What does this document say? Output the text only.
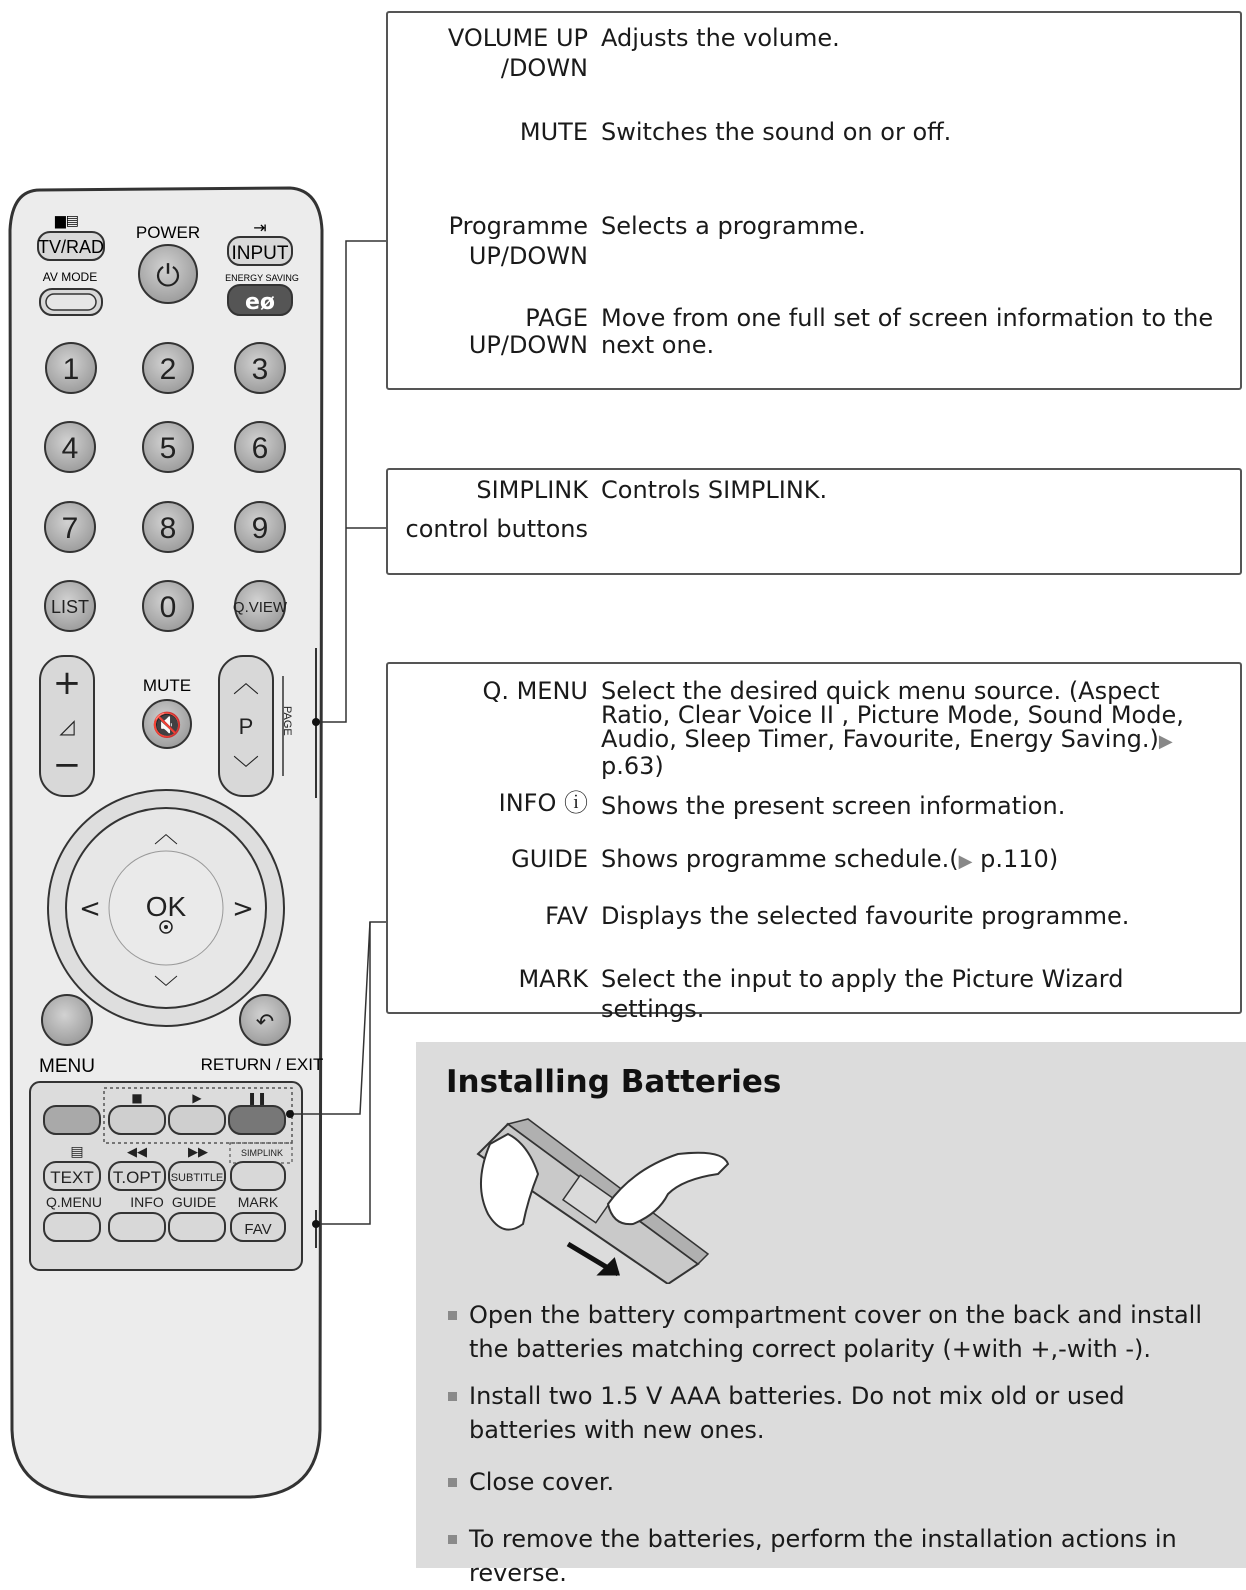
▆▤
TV/RAD
POWER
⏻
⇥
INPUT
AV MODE	ENERGY SAVING
eø
1	2	3
4	5	6
7	8	9
LIST 0	Q.VIEW
+
◿
−
MUTE
🔇
︿
P
﹀
PAGE
︿
﹀
<	>
OK
MENU
↶
RETURN / EXIT
■	▶	❚❚
▤	◀◀	▶▶	SIMPLINK
TEXT T.OPT SUBTITLE
Q.MENU INFO GUIDE MARK
FAV
VOLUME UP
/DOWN
Adjusts the volume.
MUTE Switches the sound on or off.
Programme
UP/DOWN
Selects a programme.
PAGE
UP/DOWN
Move from one full set of screen information to the next one.
SIMPLINK Controls SIMPLINK.
control buttons
Q. MENU Select the desired quick menu source. (Aspect Ratio, Clear Voice II , Picture Mode, Sound Mode, Audio, Sleep Timer, Favourite, Energy Saving.)▶ p.63)
INFO ⓘ Shows the present screen information.
GUIDE Shows programme schedule.(▶ p.110)
FAV Displays the selected favourite programme.
MARK Select the input to apply the Picture Wizard settings.
Installing Batteries
Open the battery compartment cover on the back and install the batteries matching correct polarity (+with +,-with -).
Install two 1.5 V AAA batteries. Do not mix old or used batteries with new ones.
Close cover.
To remove the batteries, perform the installation actions in reverse.
